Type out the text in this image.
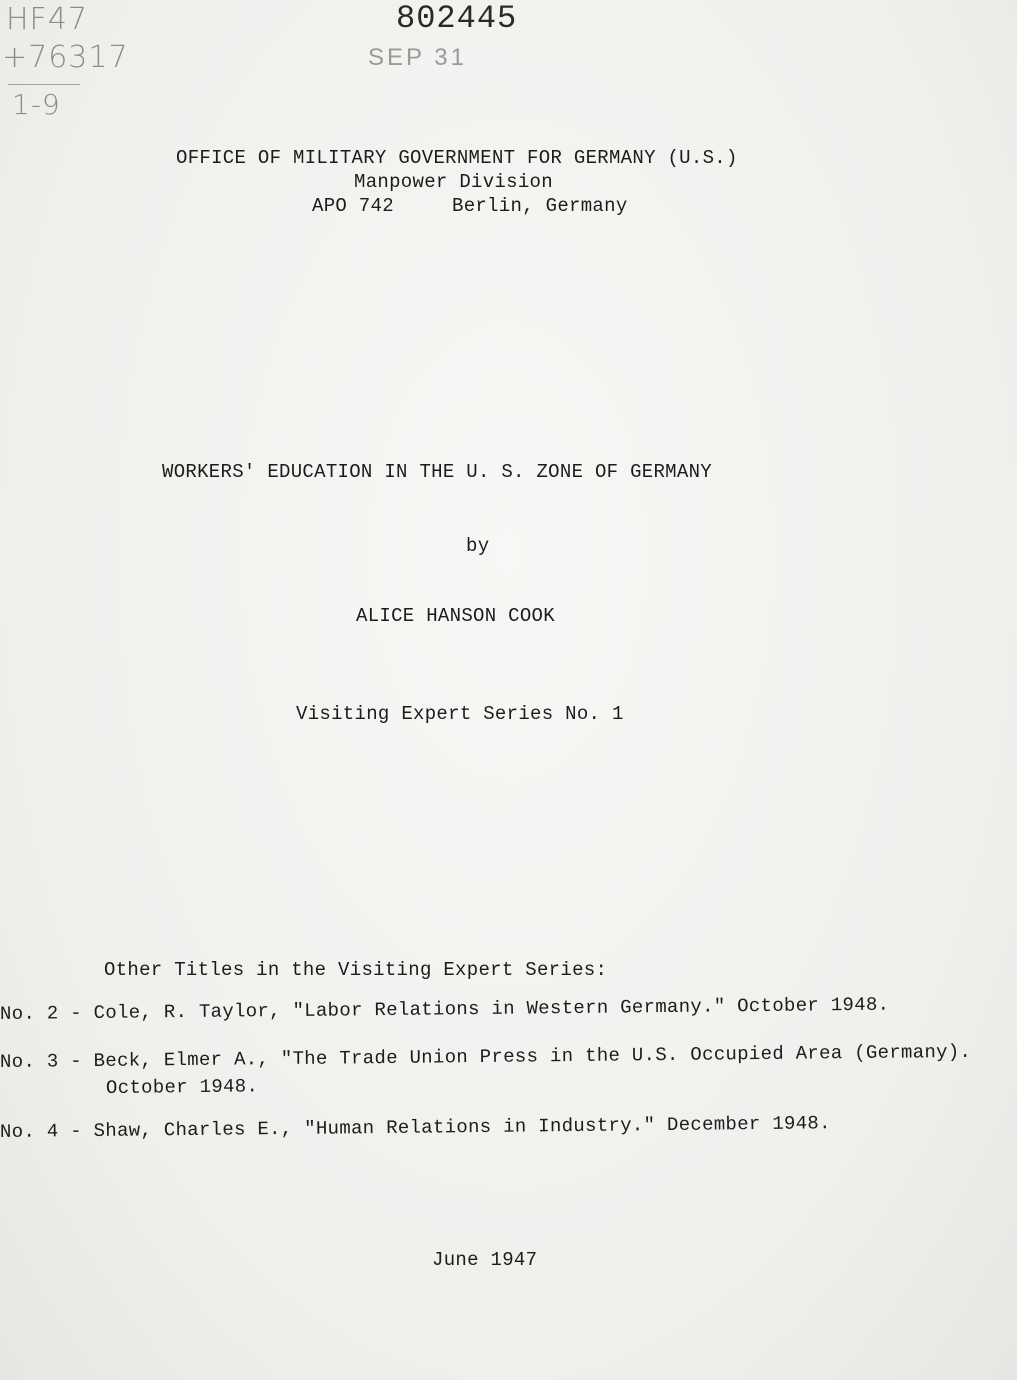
HF47
+76317
1-9
802445
SEP 31
OFFICE OF MILITARY GOVERNMENT FOR GERMANY (U.S.)
Manpower Division
APO 742	Berlin, Germany
WORKERS' EDUCATION IN THE U. S. ZONE OF GERMANY
by
ALICE HANSON COOK
Visiting Expert Series No. 1
Other Titles in the Visiting Expert Series:
No. 2 - Cole, R. Taylor, "Labor Relations in Western Germany." October 1948.
No. 3 - Beck, Elmer A., "The Trade Union Press in the U.S. Occupied Area (Germany).
October 1948.
No. 4 - Shaw, Charles E., "Human Relations in Industry." December 1948.
June 1947
